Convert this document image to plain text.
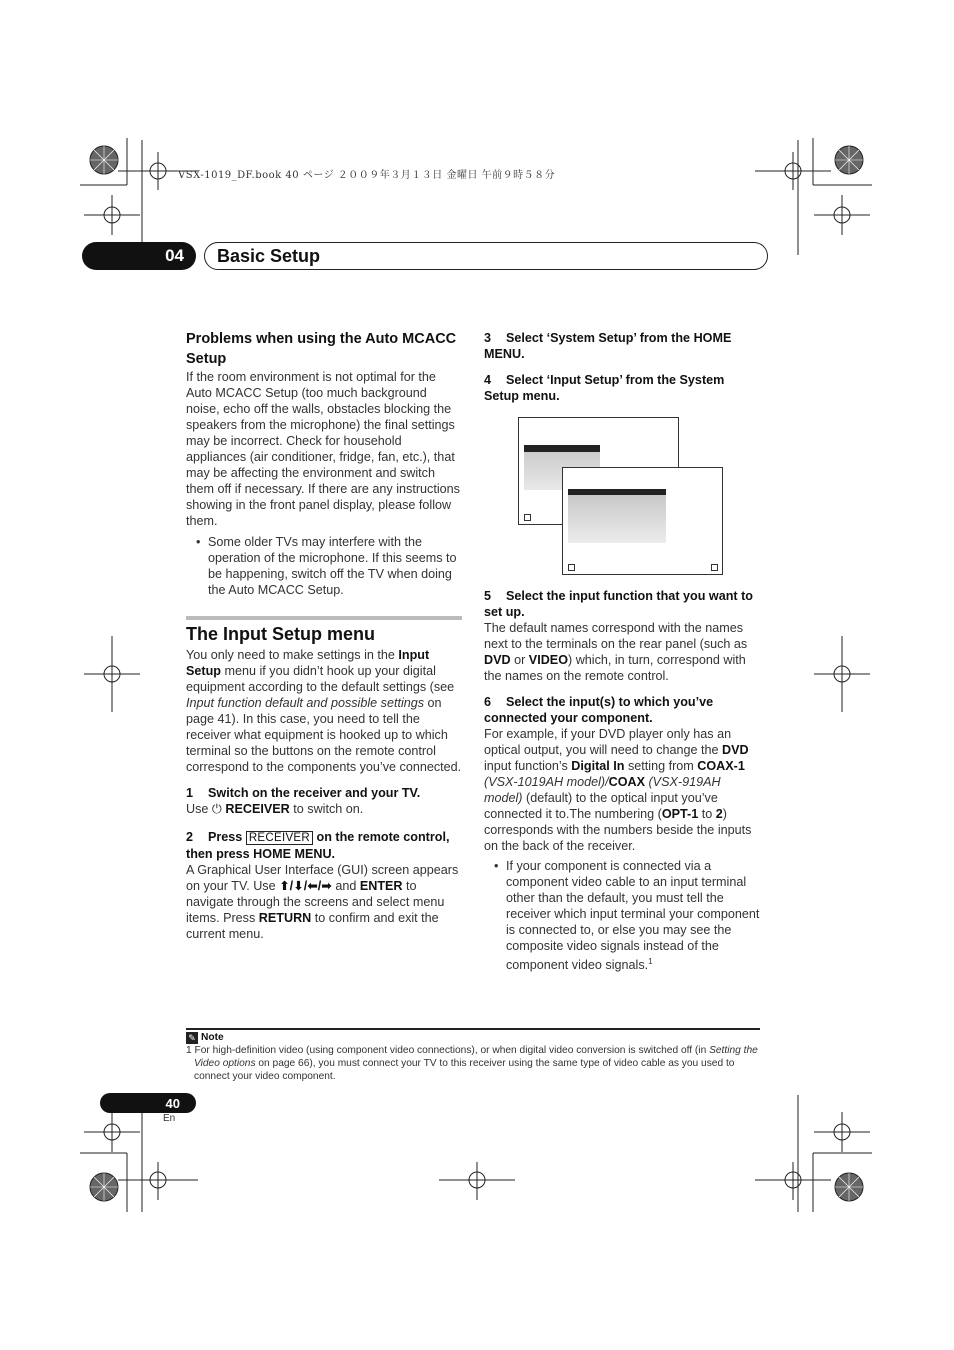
VSX-1019_DF.book 40 ページ ２００９年３月１３日 金曜日 午前９時５８分
04	Basic Setup
Problems when using the Auto MCACC Setup

If the room environment is not optimal for the Auto MCACC Setup (too much background noise, echo off the walls, obstacles blocking the speakers from the microphone) the final settings may be incorrect. Check for household appliances (air conditioner, fridge, fan, etc.), that may be affecting the environment and switch them off if necessary. If there are any instructions showing in the front panel display, please follow them.

• Some older TVs may interfere with the operation of the microphone. If this seems to be happening, switch off the TV when doing the Auto MCACC Setup.

The Input Setup menu

You only need to make settings in the Input Setup menu if you didn’t hook up your digital equipment according to the default settings (see Input function default and possible settings on page 41). In this case, you need to tell the receiver what equipment is hooked up to which terminal so the buttons on the remote control correspond to the components you’ve connected.

1 Switch on the receiver and your TV.

Use ⏻ RECEIVER to switch on.

2 Press RECEIVER on the remote control, then press HOME MENU.

A Graphical User Interface (GUI) screen appears on your TV. Use ⬆/⬇/⬅/➡ and ENTER to navigate through the screens and select menu items. Press RETURN to confirm and exit the current menu.

3 Select ‘System Setup’ from the HOME MENU.
4 Select ‘Input Setup’ from the System Setup menu.
5 Select the input function that you want to set up.

The default names correspond with the names next to the terminals on the rear panel (such as DVD or VIDEO) which, in turn, correspond with the names on the remote control.

6 Select the input(s) to which you’ve connected your component.

For example, if your DVD player only has an optical output, you will need to change the DVD input function’s Digital In setting from COAX-1 (VSX-1019AH model)/COAX (VSX-919AH model) (default) to the optical input you’ve connected it to.The numbering (OPT-1 to 2) corresponds with the numbers beside the inputs on the back of the receiver.

• If your component is connected via a component video cable to an input terminal other than the default, you must tell the receiver which input terminal your component is connected to, or else you may see the composite video signals instead of the component video signals.$^1$

✎ Note
1 For high-definition video (using component video connections), or when digital video conversion is switched off (in Setting the Video options on page 66), you must connect your TV to this receiver using the same type of video cable as you used to connect your video component.
40
En
